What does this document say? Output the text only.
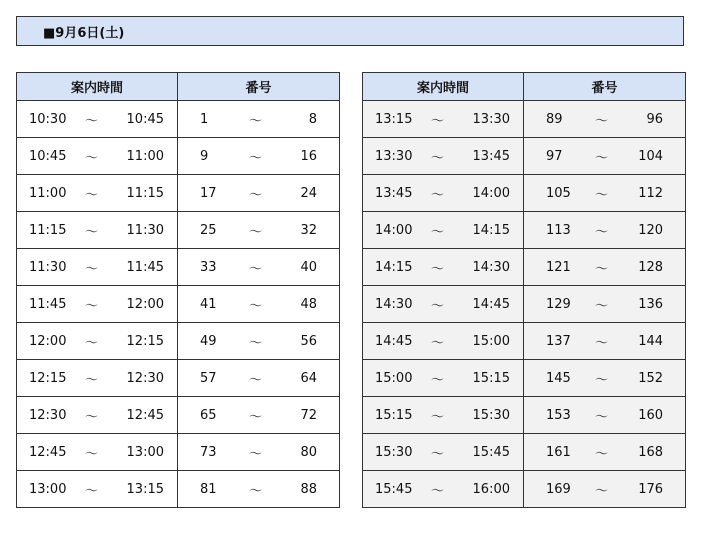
■9月6日(土)
案内時間			番号		
10:30	〜	10:45	1	〜	8
10:45	〜	11:00	9	〜	16
11:00	〜	11:15	17	〜	24
11:15	〜	11:30	25	〜	32
11:30	〜	11:45	33	〜	40
11:45	〜	12:00	41	〜	48
12:00	〜	12:15	49	〜	56
12:15	〜	12:30	57	〜	64
12:30	〜	12:45	65	〜	72
12:45	〜	13:00	73	〜	80
13:00	〜	13:15	81	〜	88
案内時間			番号		
13:15	〜	13:30	89	〜	96
13:30	〜	13:45	97	〜	104
13:45	〜	14:00	105	〜	112
14:00	〜	14:15	113	〜	120
14:15	〜	14:30	121	〜	128
14:30	〜	14:45	129	〜	136
14:45	〜	15:00	137	〜	144
15:00	〜	15:15	145	〜	152
15:15	〜	15:30	153	〜	160
15:30	〜	15:45	161	〜	168
15:45	〜	16:00	169	〜	176
